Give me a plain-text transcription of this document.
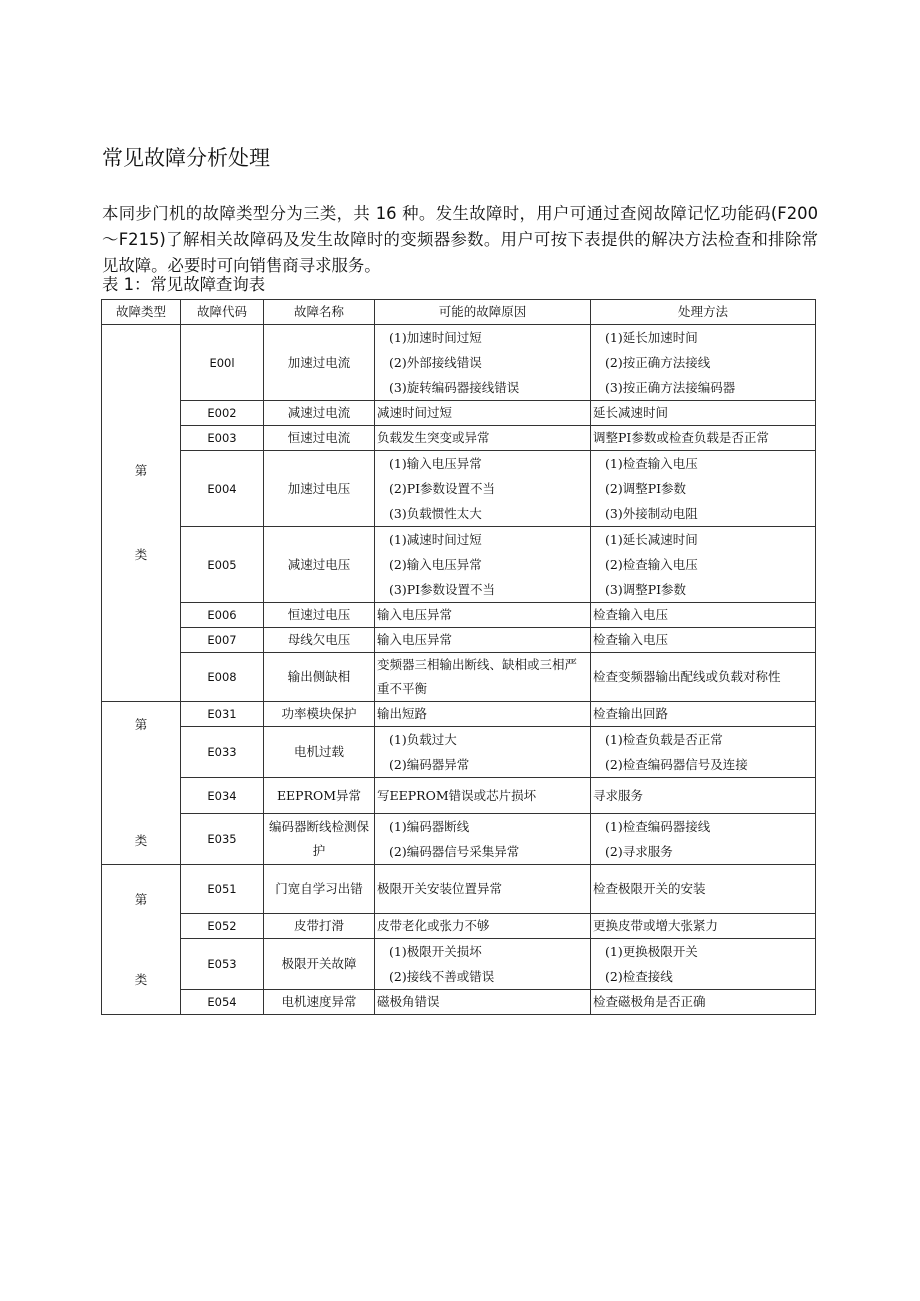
常见故障分析处理

本同步门机的故障类型分为三类，共 16 种。发生故障时，用户可通过查阅故障记忆功能码(F200～F215)了解相关故障码及发生故障时的变频器参数。用户可按下表提供的解决方法检查和排除常见故障。必要时可向销售商寻求服务。

表 1：常见故障查询表

故障类型	故障代码	故障名称	可能的故障原因	处理方法

第
类	E00l	加速过电流	(1)加速时间过短
(2)外部接线错误
(3)旋转编码器接线错误	(1)延长加速时间
(2)按正确方法接线
(3)按正确方法接编码器

	E002	减速过电流	减速时间过短	延长减速时间
	E003	恒速过电流	负载发生突变或异常	调整PI参数或检查负载是否正常
	E004	加速过电压	(1)输入电压异常
(2)PI参数设置不当
(3)负载惯性太大	(1)检查输入电压
(2)调整PI参数
(3)外接制动电阻

	E005	减速过电压	(1)减速时间过短
(2)输入电压异常
(3)PI参数设置不当	(1)延长减速时间
(2)检查输入电压
(3)调整PI参数

	E006	恒速过电压	输入电压异常	检查输入电压
	E007	母线欠电压	输入电压异常	检查输入电压
	E008	输出侧缺相	变频器三相输出断线、缺相或三相严重不平衡	检查变频器输出配线或负载对称性

第
类	E031	功率模块保护	输出短路	检查输出回路
	E033	电机过载	(1)负载过大
(2)编码器异常	(1)检查负载是否正常
(2)检查编码器信号及连接

	E034	EEPROM异常	写EEPROM错误或芯片损坏	寻求服务
	E035	编码器断线检测保护	(1)编码器断线
(2)编码器信号采集异常	(1)检查编码器接线
(2)寻求服务

第
类	E051	门宽自学习出错	极限开关安装位置异常	检查极限开关的安装
	E052	皮带打滑	皮带老化或张力不够	更换皮带或增大张紧力
	E053	极限开关故障	(1)极限开关损坏
(2)接线不善或错误	(1)更换极限开关
(2)检查接线

	E054	电机速度异常	磁极角错误	检查磁极角是否正确
